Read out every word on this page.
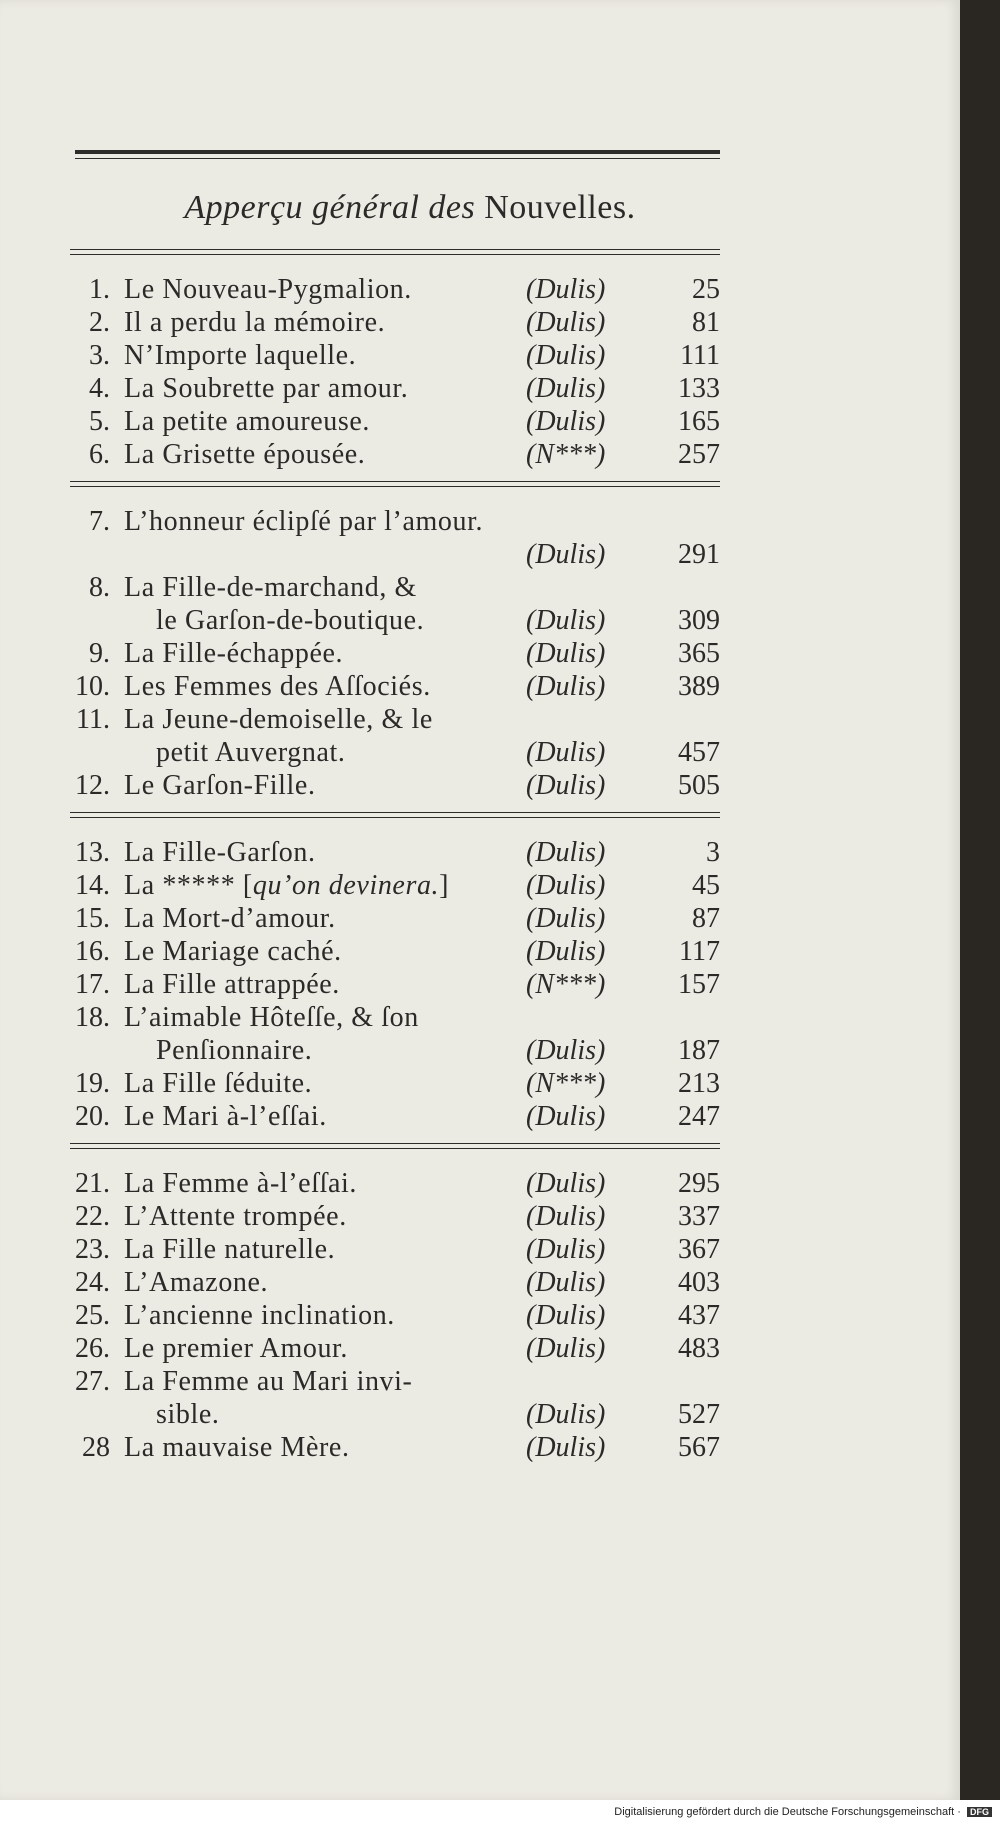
Apperçu général des Nouvelles.
1. Le Nouveau-Pygmalion.	(Dulis)	25
2. Il a perdu la mémoire.	(Dulis)	81
3. N’Importe laquelle.	(Dulis)	111
4. La Soubrette par amour.	(Dulis)	133
5. La petite amoureuse.	(Dulis)	165
6. La Grisette épousée.	(N***)	257
7. L’honneur éclipſé par l’amour.
(Dulis)	291
8. La Fille-de-marchand, &
le Garſon-de-boutique.	(Dulis)	309
9. La Fille-échappée.	(Dulis)	365
10. Les Femmes des Aſſociés.	(Dulis)	389
11. La Jeune-demoiselle, & le
petit Auvergnat.	(Dulis)	457
12. Le Garſon-Fille.	(Dulis)	505
13. La Fille-Garſon.	(Dulis)	3
14. La ***** [qu’on devinera.]	(Dulis)	45
15. La Mort-d’amour.	(Dulis)	87
16. Le Mariage caché.	(Dulis)	117
17. La Fille attrappée.	(N***)	157
18. L’aimable Hôteſſe, & ſon
Penſionnaire.	(Dulis)	187
19. La Fille ſéduite.	(N***)	213
20. Le Mari à-l’eſſai.	(Dulis)	247
21. La Femme à-l’eſſai.	(Dulis)	295
22. L’Attente trompée.	(Dulis)	337
23. La Fille naturelle.	(Dulis)	367
24. L’Amazone.	(Dulis)	403
25. L’ancienne inclination.	(Dulis)	437
26. Le premier Amour.	(Dulis)	483
27. La Femme au Mari invi-
sible.	(Dulis)	527
28 La mauvaise Mère.	(Dulis)	567
Digitalisierung gefördert durch die Deutsche Forschungsgemeinschaft · DFG
